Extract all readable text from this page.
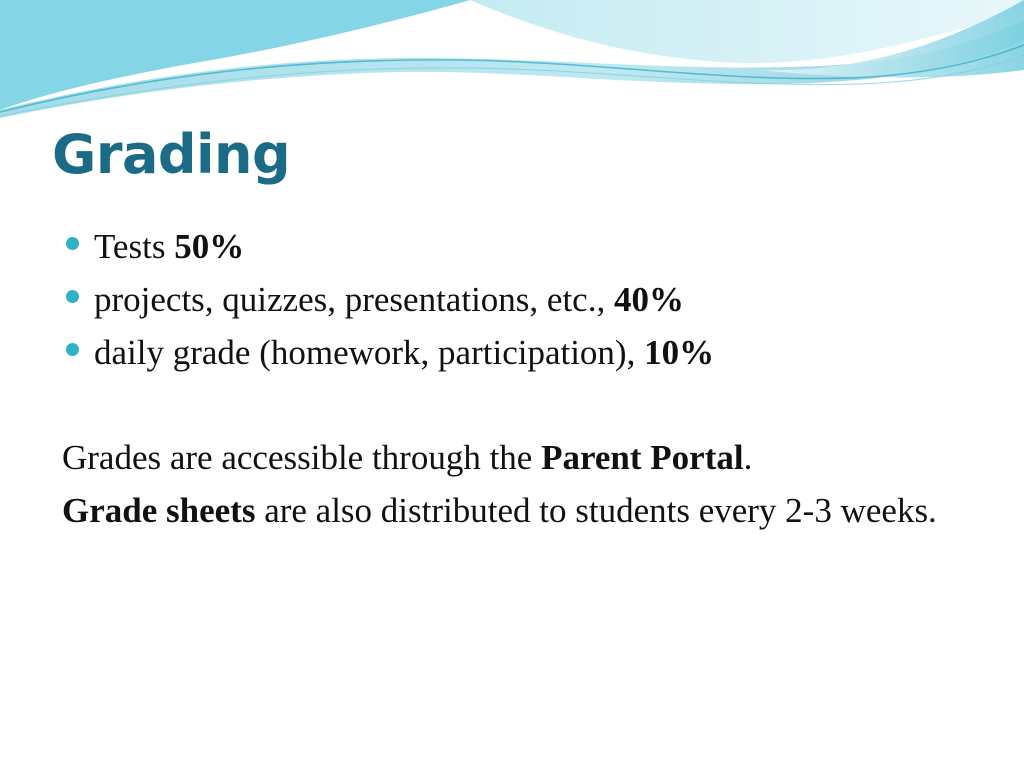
Grading
Tests 50%
projects, quizzes, presentations, etc., 40%
daily grade (homework, participation), 10%

Grades are accessible through the Parent Portal.

Grade sheets are also distributed to students every 2-3 weeks.
